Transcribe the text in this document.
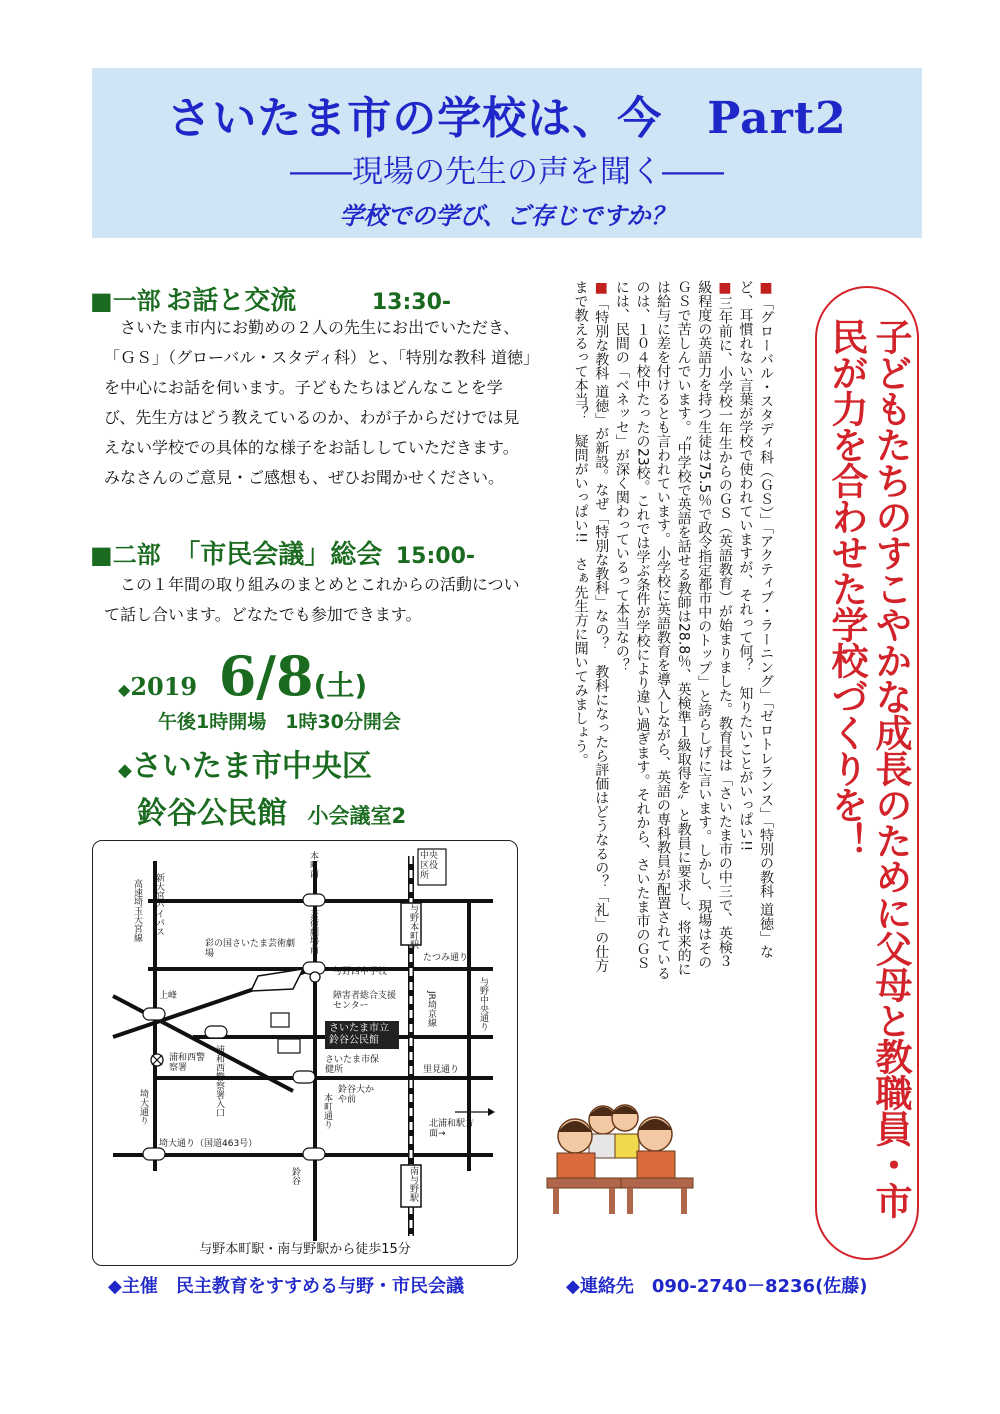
さいたま市の学校は、今　Part2
――現場の先生の声を聞く――
学校での学び、ご存じですか？
■一部 お話と交流	13:30-
さいたま市内にお勤めの２人の先生にお出でいただき、「ＧＳ」（グローバル・スタディ科）と、「特別な教科 道徳」を中心にお話を伺います。子どもたちはどんなことを学び、先生方はどう教えているのか、わが子からだけでは見えない学校での具体的な様子をお話ししていただきます。みなさんのご意見・ご感想も、ぜひお聞かせください。
■二部 「市民会議」総会 15:00-
この１年間の取り組みのまとめとこれからの活動について話し合います。どなたでも参加できます。
◆2019 6/8(土)
午後1時開場　1時30分開会
◆さいたま市中央区
鈴谷公民館 小会議室2
新大宮バイパス
高速埼玉大宮線
本町西
芸術劇場前
彩の国さいたま芸術劇場
与野西中学校
障害者総合支援センター
さいたま市立鈴谷公民館
さいたま市保健所
上峰
浦和西警察署	浦和西警察署入口
埼大通り
埼大通り（国道463号）
本町通り
鈴谷大かや前
鈴谷
中央区役所
与野本町駅
たつみ通り
JR埼京線	与野中央通り
里見通り
北浦和駅方面→
南与野駅
与野本町駅・南与野駅から徒歩15分

■「グローバル・スタディ科（ＧＳ）」「アクティブ・ラーニング」「ゼロトレランス」「特別の教科 道徳」など、耳慣れない言葉が学校で使われていますが、それって何？　知りたいことがいっぱい!!

■三年前に、小学校一年生からのＧＳ（英語教育）が始まりました。教育長は「さいたま市の中三で、英検３級程度の英語力を持つ生徒は75.5％で政令指定都市中のトップ」と誇らしげに言います。しかし、現場はそのＧＳで苦しんでいます。〝中学校で英語を話せる教師は28.8％、英検準１級取得を〟と教員に要求し、将来的には給与に差を付けるとも言われています。小学校に英語教育を導入しながら、英語の専科教員が配置されているのは、１０４校中たったの23校。これでは学ぶ条件が学校により違い過ぎます。それから、さいたま市のＧＳには、民間の「ベネッセ」が深く関わっているって本当なの？

■「特別な教科 道徳」が新設。なぜ「特別な教科」なの？　教科になったら評価はどうなるの？「礼」の仕方まで教えるって本当？　疑問がいっぱい!!　さぁ先生方に聞いてみましょう。	子どもたちのすこやかな成長のために父母と教職員・市民が力を合わせた学校づくりを！
◆主催　民主教育をすすめる与野・市民会議	◆連絡先　090-2740－8236(佐藤)
